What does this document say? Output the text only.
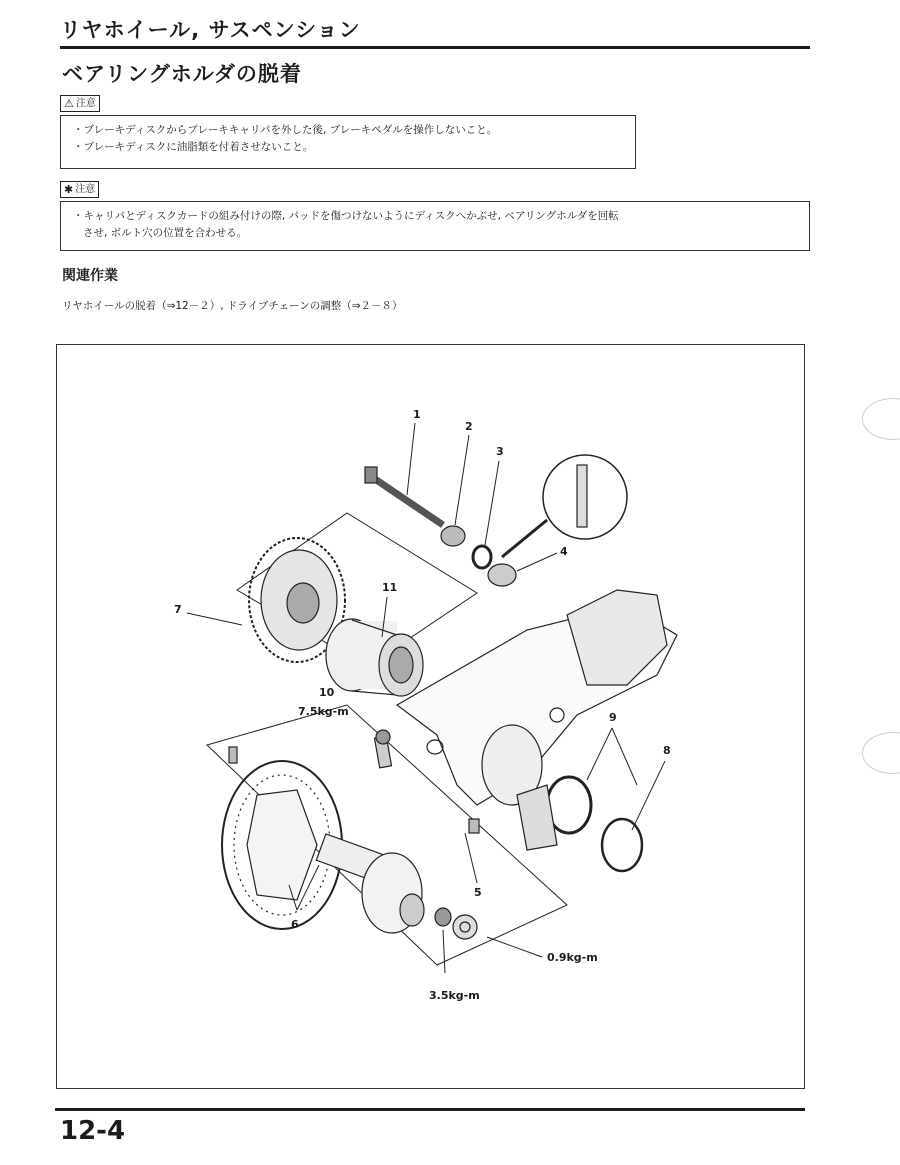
リヤホイール, サスペンション
ベアリングホルダの脱着
⚠ 注意
・ブレーキディスクからブレーキキャリパを外した後, ブレーキペダルを操作しないこと。
・ブレーキディスクに油脂類を付着させないこと。
✱ 注意
・キャリパとディスクカードの組み付けの際, パッドを傷つけないようにディスクへかぶせ, ベアリングホルダを回転
させ, ボルト穴の位置を合わせる。
関連作業
リヤホイールの脱着（⇒12－２）, ドライブチェーンの調整（⇒２－８）
1
2
3
4
5
6
7
8
9
10
11
7.5kg-m
0.9kg-m
3.5kg-m
12-4
